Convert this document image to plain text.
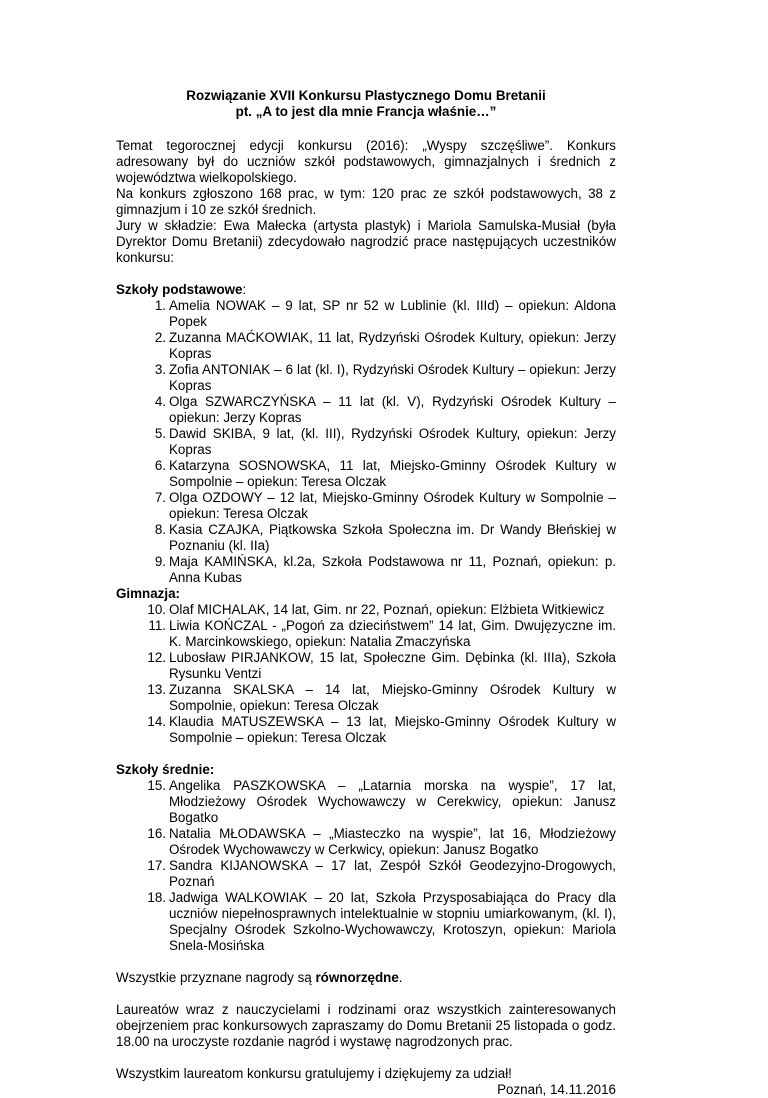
Rozwiązanie XVII Konkursu Plastycznego Domu Bretanii
pt. „A to jest dla mnie Francja właśnie…”

Temat tegorocznej edycji konkursu (2016): „Wyspy szczęśliwe”. Konkurs adresowany był do uczniów szkół podstawowych, gimnazjalnych i średnich z województwa wielkopolskiego.

Na konkurs zgłoszono 168 prac, w tym: 120 prac ze szkół podstawowych, 38 z gimnazjum i 10 ze szkół średnich.

Jury w składzie: Ewa Małecka (artysta plastyk) i Mariola Samulska-Musiał (była Dyrektor Domu Bretanii) zdecydowało nagrodzić prace następujących uczestników konkursu:

Szkoły podstawowe:
1. Amelia NOWAK – 9 lat, SP nr 52 w Lublinie (kl. IIId) – opiekun: Aldona Popek
2. Zuzanna MAĆKOWIAK, 11 lat, Rydzyński Ośrodek Kultury, opiekun: Jerzy Kopras
3. Zofia ANTONIAK – 6 lat (kl. I), Rydzyński Ośrodek Kultury – opiekun: Jerzy Kopras
4. Olga SZWARCZYŃSKA – 11 lat (kl. V), Rydzyński Ośrodek Kultury – opiekun: Jerzy Kopras
5. Dawid SKIBA, 9 lat, (kl. III), Rydzyński Ośrodek Kultury, opiekun: Jerzy Kopras
6. Katarzyna SOSNOWSKA, 11 lat, Miejsko-Gminny Ośrodek Kultury w Sompolnie – opiekun: Teresa Olczak
7. Olga OZDOWY – 12 lat, Miejsko-Gminny Ośrodek Kultury w Sompolnie – opiekun: Teresa Olczak
8. Kasia CZAJKA, Piątkowska Szkoła Społeczna im. Dr Wandy Błeńskiej w Poznaniu (kl. IIa)
9. Maja KAMIŃSKA, kl.2a, Szkoła Podstawowa nr 11, Poznań, opiekun: p. Anna Kubas
Gimnazja:
10. Olaf MICHALAK, 14 lat, Gim. nr 22, Poznań, opiekun: Elżbieta Witkiewicz
11. Liwia KOŃCZAL - „Pogoń za dzieciństwem” 14 lat, Gim. Dwujęzyczne im. K. Marcinkowskiego, opiekun: Natalia Zmaczyńska
12. Lubosław PIRJANKOW, 15 lat, Społeczne Gim. Dębinka (kl. IIIa), Szkoła Rysunku Ventzi
13. Zuzanna SKALSKA – 14 lat, Miejsko-Gminny Ośrodek Kultury w Sompolnie, opiekun: Teresa Olczak
14. Klaudia MATUSZEWSKA – 13 lat, Miejsko-Gminny Ośrodek Kultury w Sompolnie – opiekun: Teresa Olczak
Szkoły średnie:
15. Angelika PASZKOWSKA – „Latarnia morska na wyspie”, 17 lat, Młodzieżowy Ośrodek Wychowawczy w Cerekwicy, opiekun: Janusz Bogatko
16. Natalia MŁODAWSKA – „Miasteczko na wyspie”, lat 16, Młodzieżowy Ośrodek Wychowawczy w Cerkwicy, opiekun: Janusz Bogatko
17. Sandra KIJANOWSKA – 17 lat, Zespół Szkół Geodezyjno-Drogowych, Poznań
18. Jadwiga WALKOWIAK – 20 lat, Szkoła Przysposabiająca do Pracy dla uczniów niepełnosprawnych intelektualnie w stopniu umiarkowanym, (kl. I), Specjalny Ośrodek Szkolno-Wychowawczy, Krotoszyn, opiekun: Mariola Snela-Mosińska
Wszystkie przyznane nagrody są równorzędne.
Laureatów wraz z nauczycielami i rodzinami oraz wszystkich zainteresowanych obejrzeniem prac konkursowych zapraszamy do Domu Bretanii 25 listopada o godz. 18.00 na uroczyste rozdanie nagród i wystawę nagrodzonych prac.
Wszystkim laureatom konkursu gratulujemy i dziękujemy za udział!
Poznań, 14.11.2016
